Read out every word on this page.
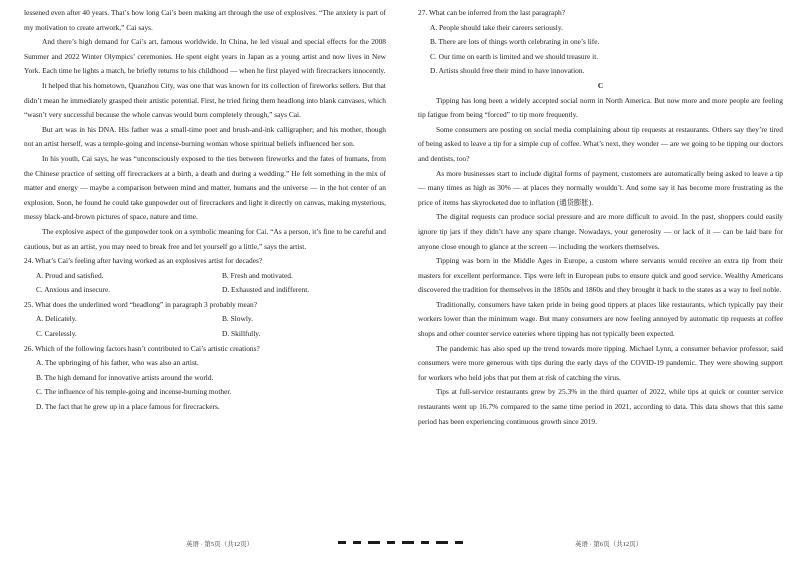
lessened even after 40 years. That’s how long Cai’s been making art through the use of explosives. “The anxiety is part of my motivation to create artwork,” Cai says.

And there’s high demand for Cai’s art, famous worldwide. In China, he led visual and special effects for the 2008 Summer and 2022 Winter Olympics’ ceremonies. He spent eight years in Japan as a young artist and now lives in New York. Each time he lights a match, he briefly returns to his childhood — when he first played with firecrackers innocently.

It helped that his hometown, Quanzhou City, was one that was known for its collection of fireworks sellers. But that didn’t mean he immediately grasped their artistic potential. First, he tried firing them headlong into blank canvases, which “wasn’t very successful because the whole canvas would burn completely through,” says Cai.

But art was in his DNA. His father was a small-time poet and brush-and-ink calligrapher; and his mother, though not an artist herself, was a temple-going and incense-burning woman whose spiritual beliefs influenced her son.

In his youth, Cai says, he was “unconsciously exposed to the ties between fireworks and the fates of humans, from the Chinese practice of setting off firecrackers at a birth, a death and during a wedding.” He felt something in the mix of matter and energy — maybe a comparison between mind and matter, humans and the universe — in the hot center of an explosion. Soon, he found he could take gunpowder out of firecrackers and light it directly on canvas, making mysterious, messy black-and-brown pictures of space, nature and time.

The explosive aspect of the gunpowder took on a symbolic meaning for Cai. “As a person, it’s fine to be careful and cautious, but as an artist, you may need to break free and let yourself go a little,” says the artist.

24. What’s Cai’s feeling after having worked as an explosives artist for decades?

A. Proud and satisfied.	B. Fresh and motivated.
C. Anxious and insecure.	D. Exhausted and indifferent.

25. What does the underlined word “headlong” in paragraph 3 probably mean?

A. Delicately.	B. Slowly.
C. Carelessly.	D. Skillfully.

26. Which of the following factors hasn’t contributed to Cai’s artistic creations?

A. The upbringing of his father, who was also an artist.

B. The high demand for innovative artists around the world.

C. The influence of his temple-going and incense-burning mother.

D. The fact that he grew up in a place famous for firecrackers.

27. What can be inferred from the last paragraph?

A. People should take their careers seriously.

B. There are lots of things worth celebrating in one’s life.

C. Our time on earth is limited and we should treasure it.

D. Artists should free their mind to have innovation.

C

Tipping has long been a widely accepted social norm in North America. But now more and more people are feeling tip fatigue from being “forced” to tip more frequently.

Some consumers are posting on social media complaining about tip requests at restaurants. Others say they’re tired of being asked to leave a tip for a simple cup of coffee. What’s next, they wonder — are we going to be tipping our doctors and dentists, too?

As more businesses start to include digital forms of payment, customers are automatically being asked to leave a tip — many times as high as 30% — at places they normally wouldn’t. And some say it has become more frustrating as the price of items has skyrocketed due to inflation (通货膨胀).

The digital requests can produce social pressure and are more difficult to avoid. In the past, shoppers could easily ignore tip jars if they didn’t have any spare change. Nowadays, your generosity — or lack of it — can be laid bare for anyone close enough to glance at the screen — including the workers themselves.

Tipping was born in the Middle Ages in Europe, a custom where servants would receive an extra tip from their masters for excellent performance. Tips were left in European pubs to ensure quick and good service. Wealthy Americans discovered the tradition for themselves in the 1850s and 1860s and they brought it back to the states as a way to feel noble.

Traditionally, consumers have taken pride in being good tippers at places like restaurants, which typically pay their workers lower than the minimum wage. But many consumers are now feeling annoyed by automatic tip requests at coffee shops and other counter service eateries where tipping has not typically been expected.

The pandemic has also sped up the trend towards more tipping. Michael Lynn, a consumer behavior professor, said consumers were more generous with tips during the early days of the COVID-19 pandemic. They were showing support for workers who held jobs that put them at risk of catching the virus.

Tips at full-service restaurants grew by 25.3% in the third quarter of 2022, while tips at quick or counter service restaurants went up 16.7% compared to the same time period in 2021, according to data. This data shows that this same period has been experiencing continuous growth since 2019.

英语 · 第5页（共12页）	英语 · 第6页（共12页）
